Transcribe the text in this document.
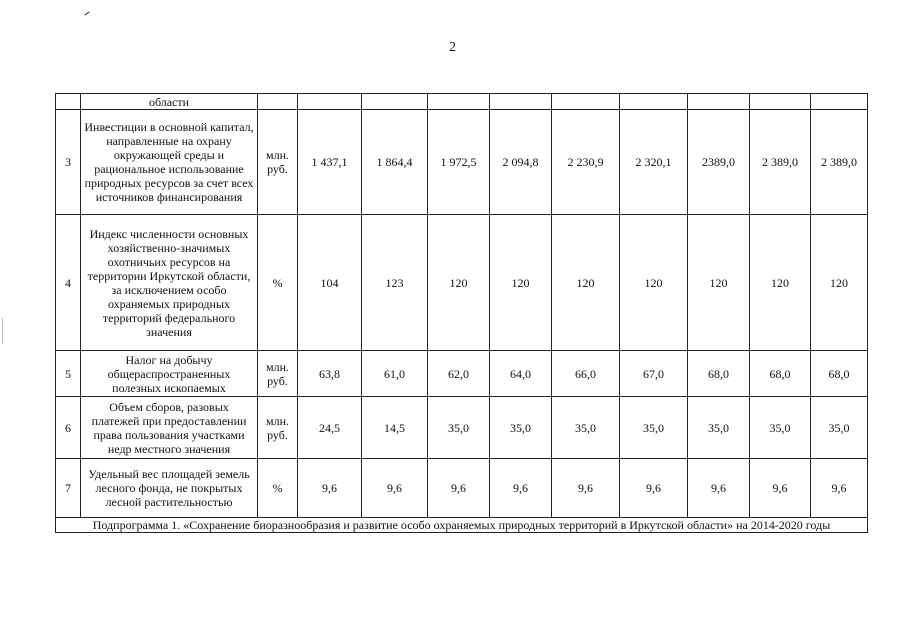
2
	области										
3	Инвестиции в основной капитал, направленные на охрану окружающей среды и рациональное использование природных ресурсов за счет всех источников финансирования	млн. руб.	1 437,1	1 864,4	1 972,5	2 094,8	2 230,9	2 320,1	2389,0	2 389,0	2 389,0
4	Индекс численности основных хозяйственно-значимых охотничьих ресурсов на территории Иркутской области, за исключением особо охраняемых природных территорий федерального значения	%	104	123	120	120	120	120	120	120	120
5	Налог на добычу общераспространенных полезных ископаемых	млн. руб.	63,8	61,0	62,0	64,0	66,0	67,0	68,0	68,0	68,0
6	Объем сборов, разовых платежей при предоставлении права пользования участками недр местного значения	млн. руб.	24,5	14,5	35,0	35,0	35,0	35,0	35,0	35,0	35,0
7	Удельный вес площадей земель лесного фонда, не покрытых лесной растительностью	%	9,6	9,6	9,6	9,6	9,6	9,6	9,6	9,6	9,6
Подпрограмма 1. «Сохранение биоразнообразия и развитие особо охраняемых природных территорий в Иркутской области» на 2014-2020 годы											
